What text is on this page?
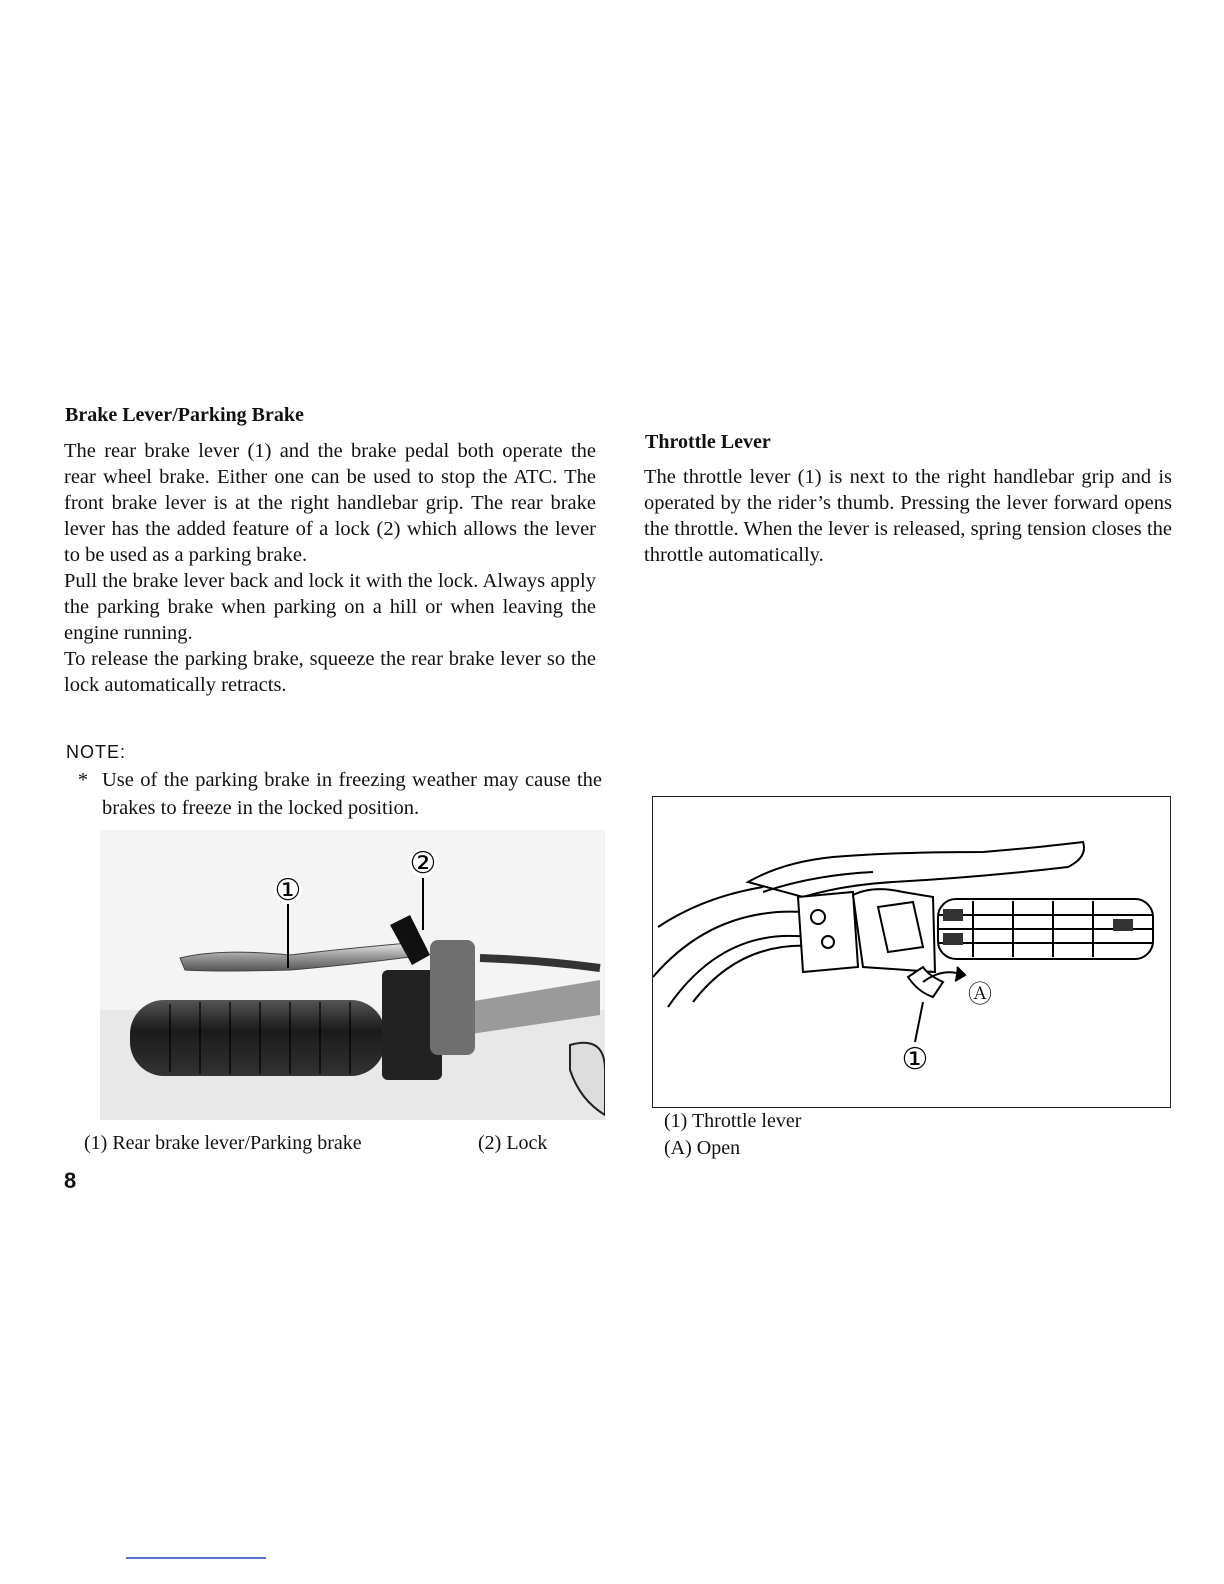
Brake Lever/Parking Brake
The rear brake lever (1) and the brake pedal both operate the rear wheel brake. Either one can be used to stop the ATC. The front brake lever is at the right handlebar grip. The rear brake lever has the added feature of a lock (2) which allows the lever to be used as a parking brake.
Pull the brake lever back and lock it with the lock. Always apply the parking brake when parking on a hill or when leaving the engine running.
To release the parking brake, squeeze the rear brake lever so the lock automatically retracts.
NOTE:
* Use of the parking brake in freezing weather may cause the brakes to freeze in the locked position.
①
②
(1) Rear brake lever/Parking brake	(2) Lock
8
Throttle Lever
The throttle lever (1) is next to the right handlebar grip and is operated by the rider’s thumb. Pressing the lever forward opens the throttle. When the lever is released, spring tension closes the throttle automatically.
Ⓐ
①
(1) Throttle lever
(A) Open
